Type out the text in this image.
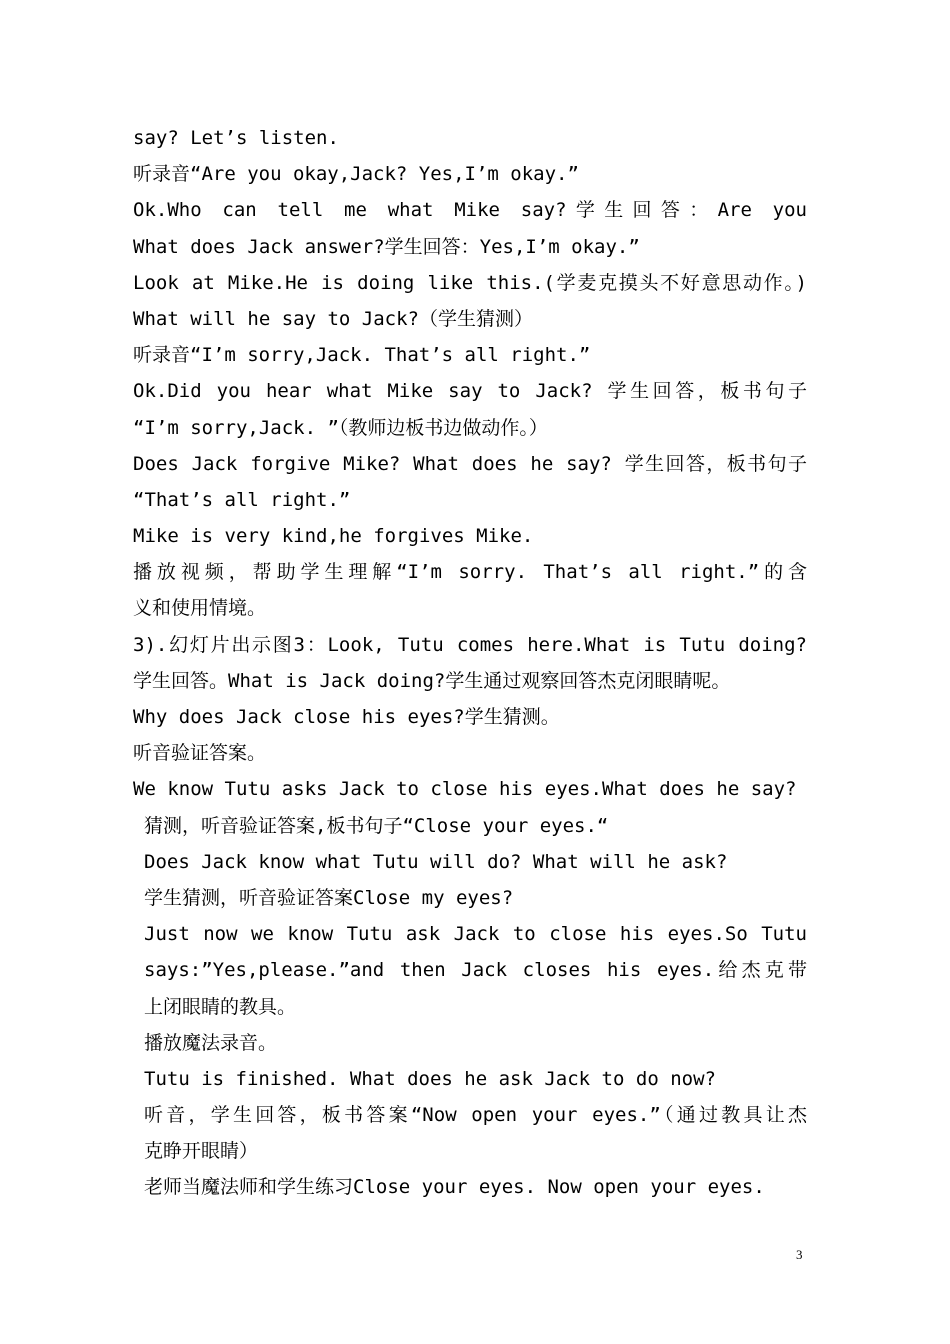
say? Let’s listen.
听录音“Are you okay,Jack? Yes,I’m okay.”
Ok.Who can tell me what Mike say?学生回答：Are you
What does Jack answer?学生回答：Yes,I’m okay.”
Look at Mike.He is doing like this.(学麦克摸头不好意思动作。)
What will he say to Jack?（学生猜测）
听录音“I’m sorry,Jack. That’s all right.”
Ok.Did you hear what Mike say to Jack? 学生回答，板书句子
“I’m sorry,Jack. ”（教师边板书边做动作。）
Does Jack forgive Mike? What does he say? 学生回答，板书句子
“That’s all right.”
Mike is very kind,he forgives Mike.
播放视频，帮助学生理解“I’m sorry. That’s all right.”的含
义和使用情境。
3).幻灯片出示图3：Look, Tutu comes here.What is Tutu doing?
学生回答。What is Jack doing?学生通过观察回答杰克闭眼睛呢。
Why does Jack close his eyes?学生猜测。
听音验证答案。
We know Tutu asks Jack to close his eyes.What does he say?
猜测，听音验证答案,板书句子“Close your eyes.“
Does Jack know what Tutu will do? What will he ask?
学生猜测，听音验证答案Close my eyes?
Just now we know Tutu ask Jack to close his eyes.So Tutu
says:”Yes,please.”and then Jack closes his eyes.给杰克带
上闭眼睛的教具。
播放魔法录音。
Tutu is finished. What does he ask Jack to do now?
听音，学生回答，板书答案“Now open your eyes.”（通过教具让杰
克睁开眼睛）
老师当魔法师和学生练习Close your eyes. Now open your eyes.
3
